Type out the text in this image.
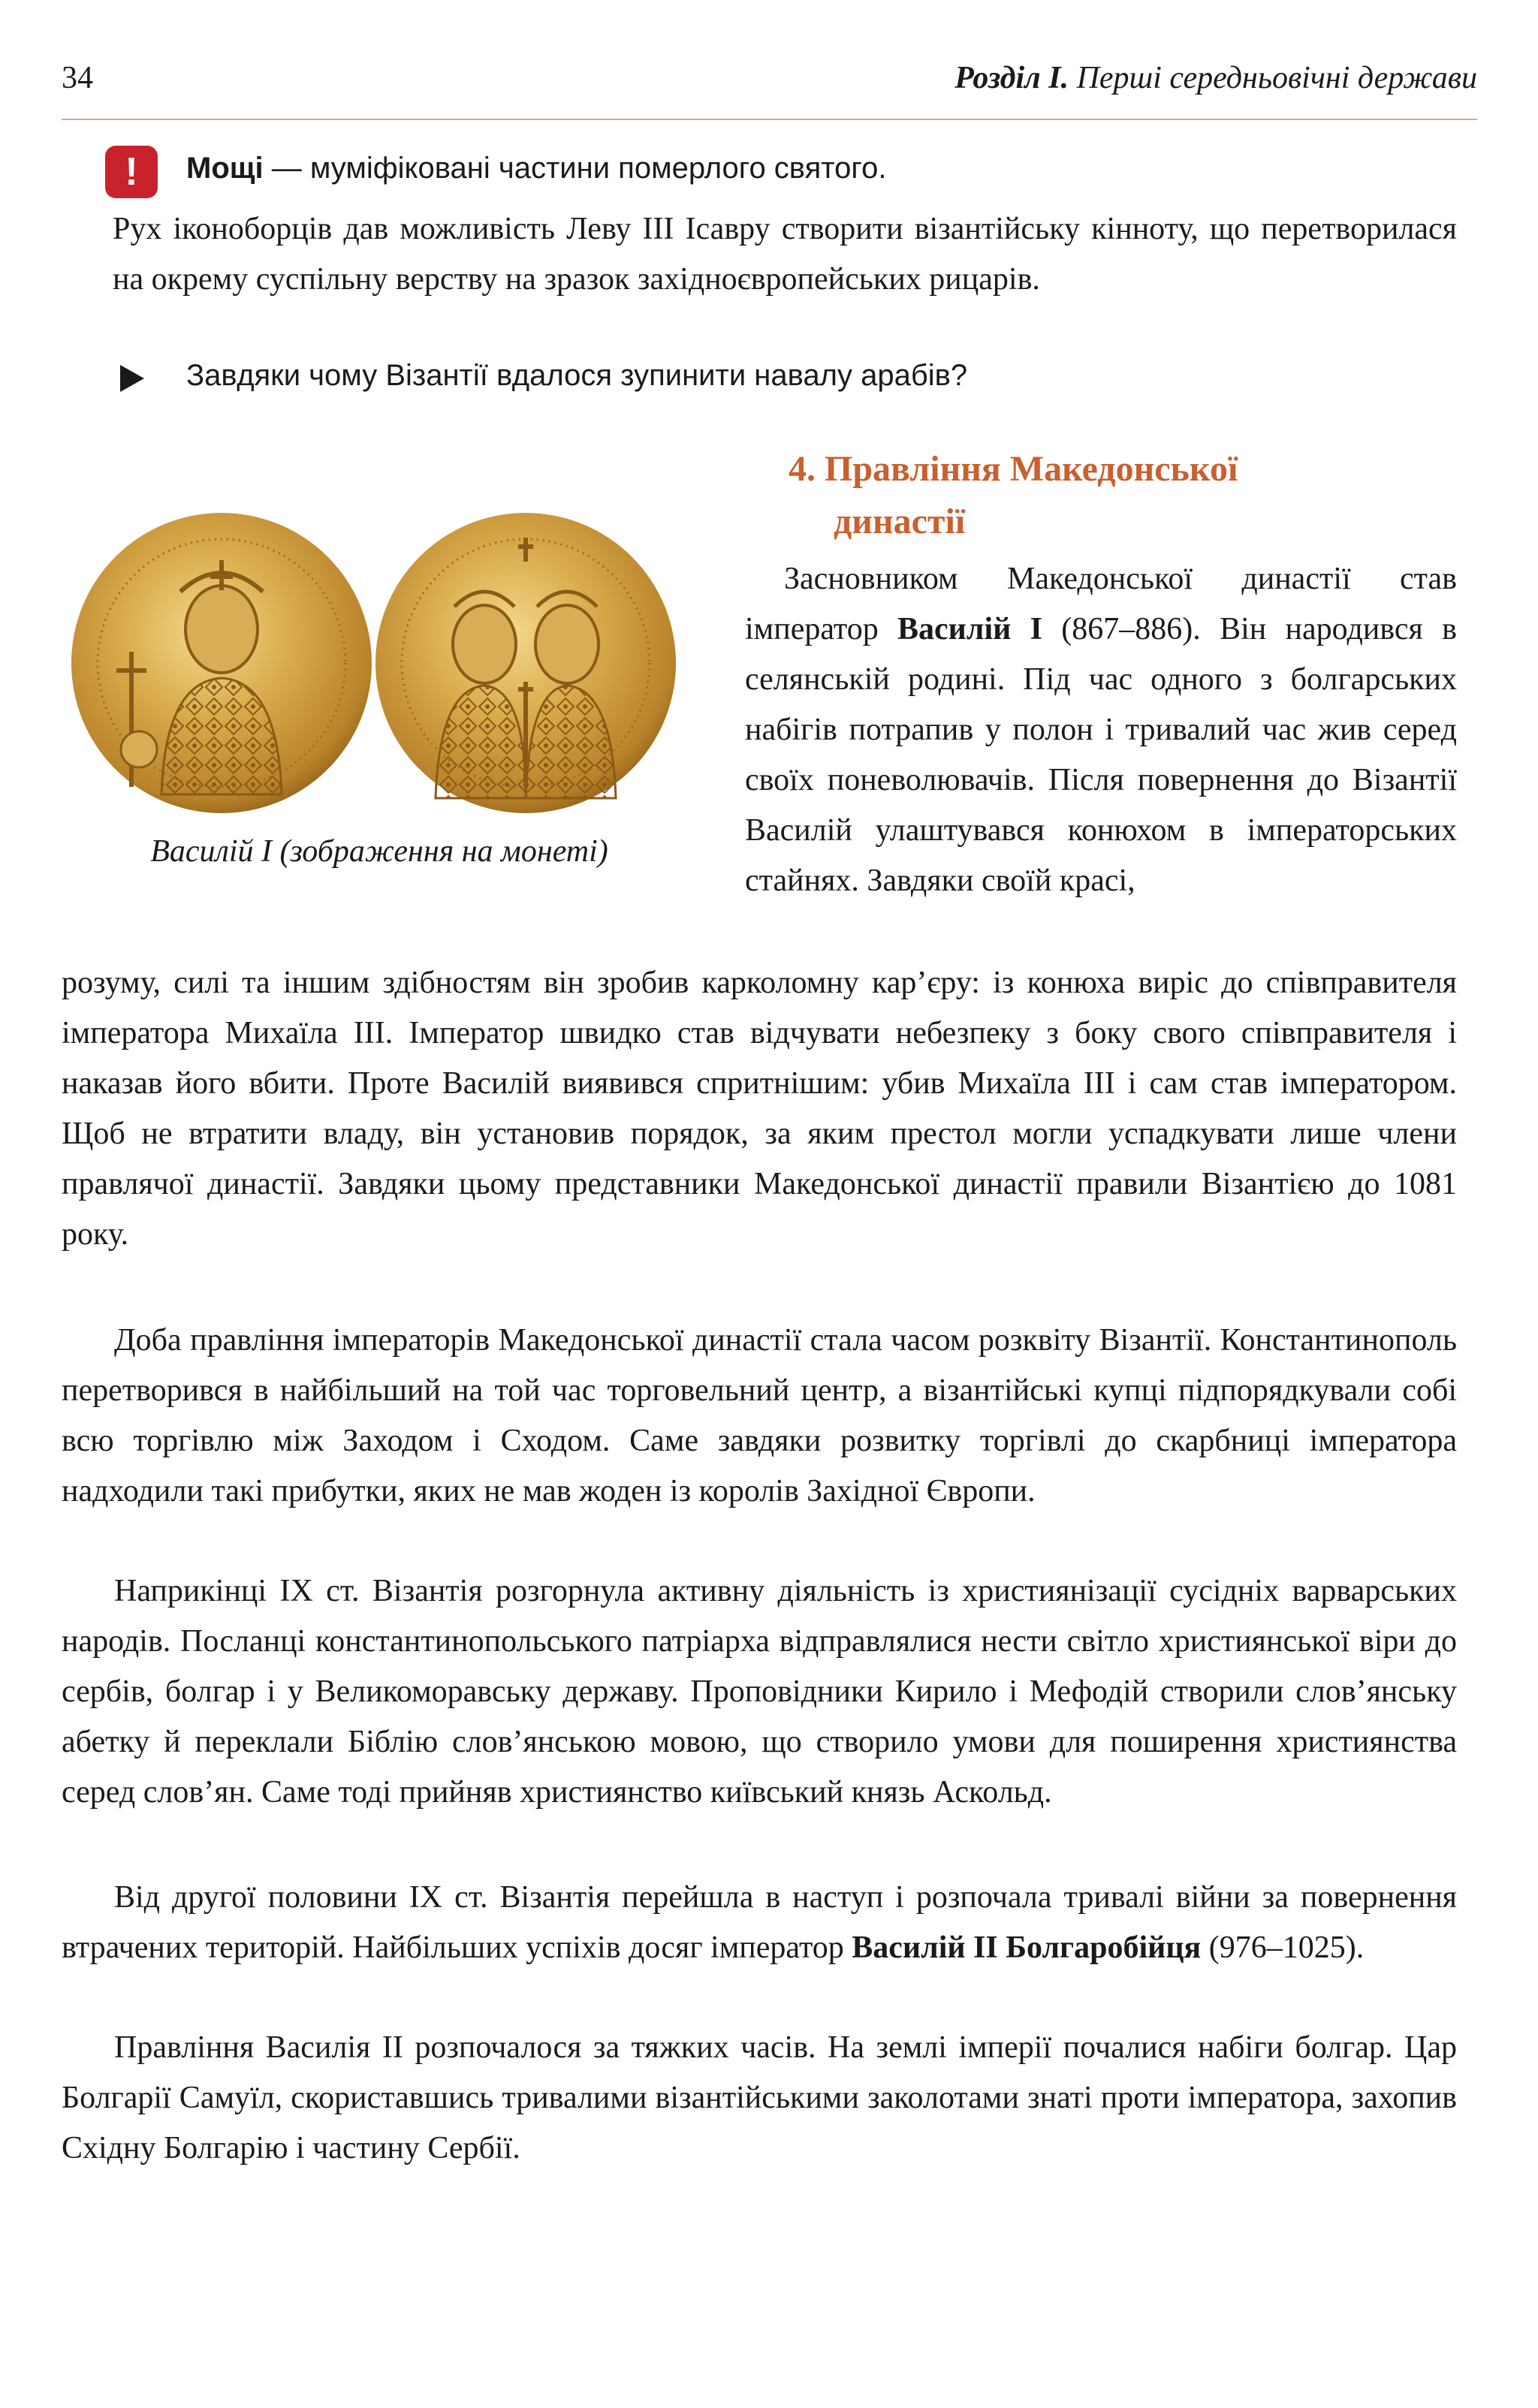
34	Розділ I. Перші середньовічні держави
!	Мощі — муміфіковані частини померлого святого.

Рух іконоборців дав можливість Леву III Ісавру створити візантійську кінноту, що перетворилася на окрему суспільну верству на зразок західноєвропейських рицарів.

Завдяки чому Візантії вдалося зупинити навалу арабів?
Василій I (зображення на монеті)
4. Правління Македонської
династії

Засновником Македонської династії став імператор Василій I (867–886). Він народився в селянській родині. Під час одного з болгарських набігів потрапив у полон і тривалий час жив серед своїх поневолювачів. Після повернення до Візантії Василій улаштувався конюхом в імператорських стайнях. Завдяки своїй красі,

розуму, силі та іншим здібностям він зробив карколомну кар’єру: із конюха виріс до співправителя імператора Михаїла III. Імператор швидко став відчувати небезпеку з боку свого співправителя і наказав його вбити. Проте Василій виявився спритнішим: убив Михаїла III і сам став імператором. Щоб не втратити владу, він установив порядок, за яким престол могли успадкувати лише члени правлячої династії. Завдяки цьому представники Македонської династії правили Візантією до 1081 року.

Доба правління імператорів Македонської династії стала часом розквіту Візантії. Константинополь перетворився в найбільший на той час торговельний центр, а візантійські купці підпорядкували собі всю торгівлю між Заходом і Сходом. Саме завдяки розвитку торгівлі до скарбниці імператора надходили такі прибутки, яких не мав жоден із королів Західної Європи.

Наприкінці IX ст. Візантія розгорнула активну діяльність із християнізації сусідніх варварських народів. Посланці константинопольського патріарха відправлялися нести світло християнської віри до сербів, болгар і у Великоморавську державу. Проповідники Кирило і Мефодій створили слов’янську абетку й переклали Біблію слов’янською мовою, що створило умови для поширення християнства серед слов’ян. Саме тоді прийняв християнство київський князь Аскольд.

Від другої половини IX ст. Візантія перейшла в наступ і розпочала тривалі війни за повернення втрачених територій. Найбільших успіхів досяг імператор Василій II Болгаробійця (976–1025).

Правління Василія II розпочалося за тяжких часів. На землі імперії почалися набіги болгар. Цар Болгарії Самуїл, скориставшись тривалими візантійськими заколотами знаті проти імператора, захопив Східну Болгарію і частину Сербії.
